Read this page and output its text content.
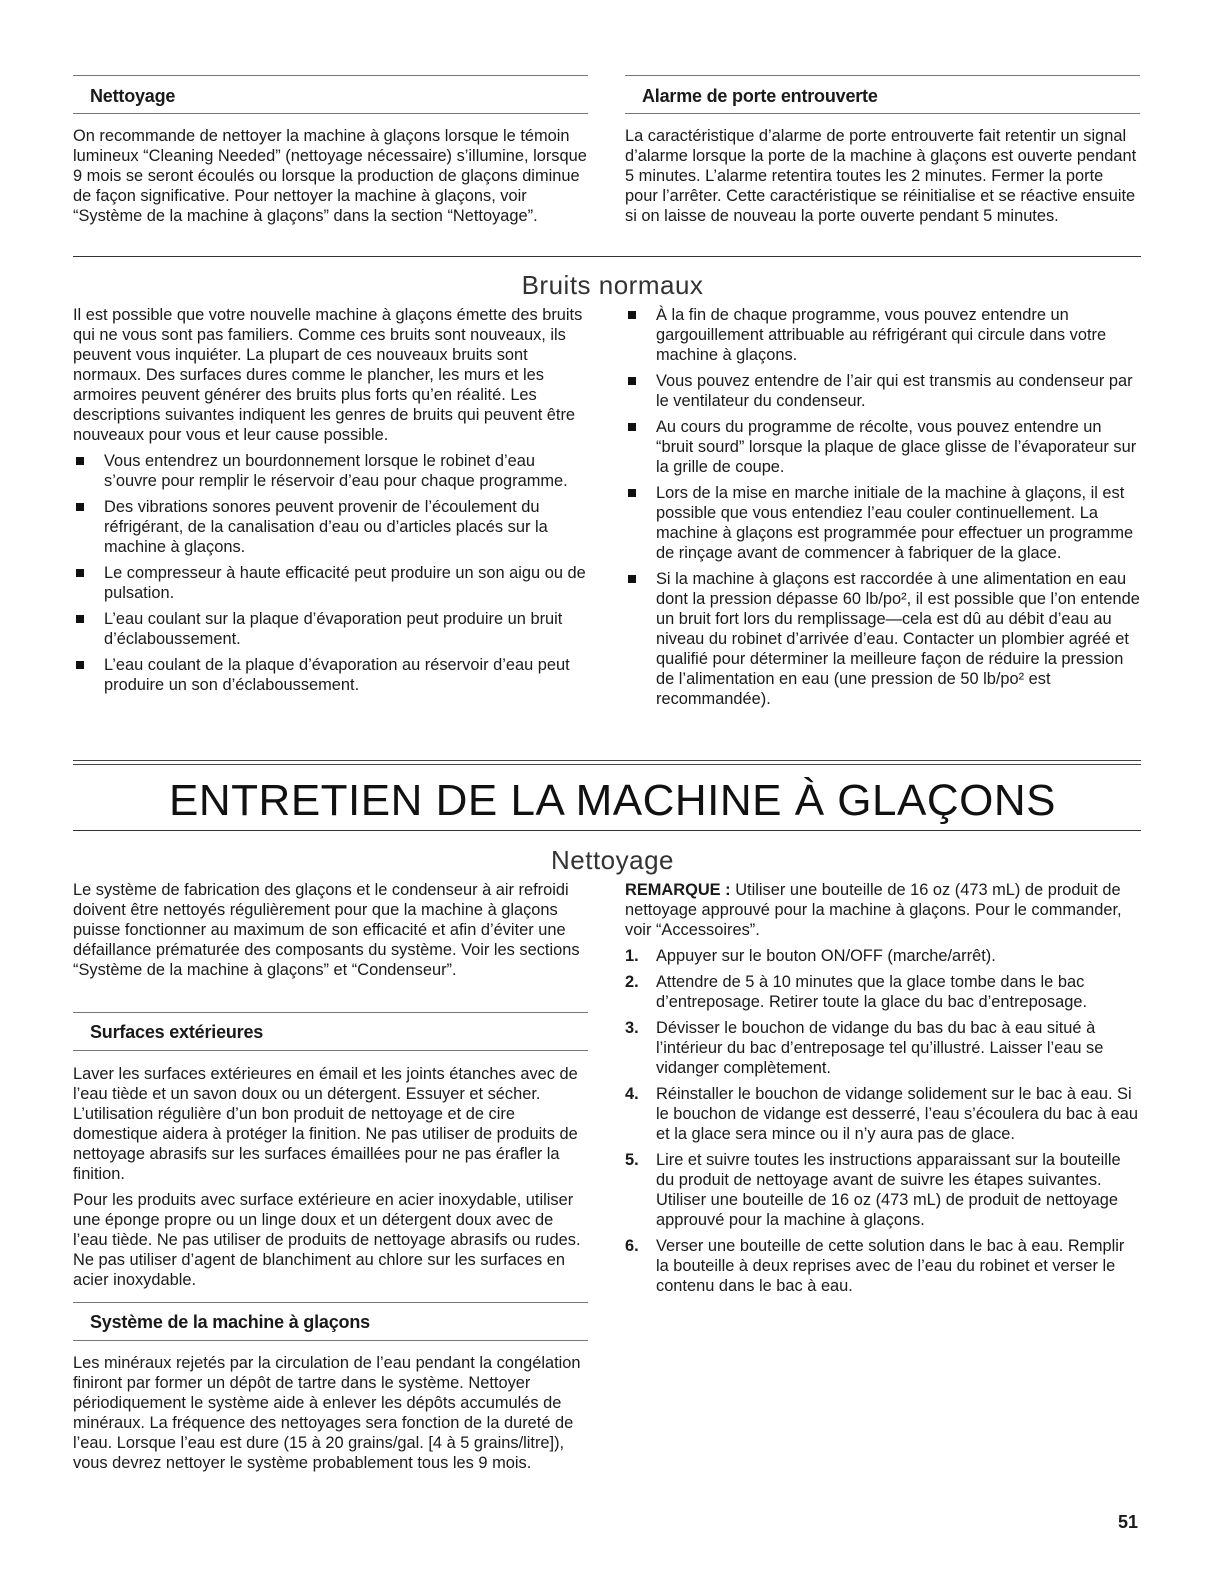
Nettoyage
On recommande de nettoyer la machine à glaçons lorsque le témoin lumineux “Cleaning Needed” (nettoyage nécessaire) s’illumine, lorsque 9 mois se seront écoulés ou lorsque la production de glaçons diminue de façon significative. Pour nettoyer la machine à glaçons, voir “Système de la machine à glaçons” dans la section “Nettoyage”.
Alarme de porte entrouverte
La caractéristique d’alarme de porte entrouverte fait retentir un signal d’alarme lorsque la porte de la machine à glaçons est ouverte pendant 5 minutes. L’alarme retentira toutes les 2 minutes. Fermer la porte pour l’arrêter. Cette caractéristique se réinitialise et se réactive ensuite si on laisse de nouveau la porte ouverte pendant 5 minutes.
Bruits normaux

Il est possible que votre nouvelle machine à glaçons émette des bruits qui ne vous sont pas familiers. Comme ces bruits sont nouveaux, ils peuvent vous inquiéter. La plupart de ces nouveaux bruits sont normaux. Des surfaces dures comme le plancher, les murs et les armoires peuvent générer des bruits plus forts qu’en réalité. Les descriptions suivantes indiquent les genres de bruits qui peuvent être nouveaux pour vous et leur cause possible.

Vous entendrez un bourdonnement lorsque le robinet d’eau s’ouvre pour remplir le réservoir d’eau pour chaque programme.
Des vibrations sonores peuvent provenir de l’écoulement du réfrigérant, de la canalisation d’eau ou d’articles placés sur la machine à glaçons.
Le compresseur à haute efficacité peut produire un son aigu ou de pulsation.
L’eau coulant sur la plaque d’évaporation peut produire un bruit d’éclaboussement.
L’eau coulant de la plaque d’évaporation au réservoir d’eau peut produire un son d’éclaboussement.
À la fin de chaque programme, vous pouvez entendre un gargouillement attribuable au réfrigérant qui circule dans votre machine à glaçons.
Vous pouvez entendre de l’air qui est transmis au condenseur par le ventilateur du condenseur.
Au cours du programme de récolte, vous pouvez entendre un “bruit sourd” lorsque la plaque de glace glisse de l’évaporateur sur la grille de coupe.
Lors de la mise en marche initiale de la machine à glaçons, il est possible que vous entendiez l’eau couler continuellement. La machine à glaçons est programmée pour effectuer un programme de rinçage avant de commencer à fabriquer de la glace.
Si la machine à glaçons est raccordée à une alimentation en eau dont la pression dépasse 60 lb/po², il est possible que l’on entende un bruit fort lors du remplissage—cela est dû au débit d’eau au niveau du robinet d’arrivée d’eau. Contacter un plombier agréé et qualifié pour déterminer la meilleure façon de réduire la pression de l’alimentation en eau (une pression de 50 lb/po² est recommandée).
ENTRETIEN DE LA MACHINE À GLAÇONS
Nettoyage
Le système de fabrication des glaçons et le condenseur à air refroidi doivent être nettoyés régulièrement pour que la machine à glaçons puisse fonctionner au maximum de son efficacité et afin d’éviter une défaillance prématurée des composants du système. Voir les sections “Système de la machine à glaçons” et “Condenseur”.
Surfaces extérieures

Laver les surfaces extérieures en émail et les joints étanches avec de l’eau tiède et un savon doux ou un détergent. Essuyer et sécher. L’utilisation régulière d’un bon produit de nettoyage et de cire domestique aidera à protéger la finition. Ne pas utiliser de produits de nettoyage abrasifs sur les surfaces émaillées pour ne pas érafler la finition.

Pour les produits avec surface extérieure en acier inoxydable, utiliser une éponge propre ou un linge doux et un détergent doux avec de l’eau tiède. Ne pas utiliser de produits de nettoyage abrasifs ou rudes. Ne pas utiliser d’agent de blanchiment au chlore sur les surfaces en acier inoxydable.

Système de la machine à glaçons
Les minéraux rejetés par la circulation de l’eau pendant la congélation finiront par former un dépôt de tartre dans le système. Nettoyer périodiquement le système aide à enlever les dépôts accumulés de minéraux. La fréquence des nettoyages sera fonction de la dureté de l’eau. Lorsque l’eau est dure (15 à 20 grains/gal. [4 à 5 grains/litre]), vous devrez nettoyer le système probablement tous les 9 mois.

REMARQUE : Utiliser une bouteille de 16 oz (473 mL) de produit de nettoyage approuvé pour la machine à glaçons. Pour le commander, voir “Accessoires”.

1. Appuyer sur le bouton ON/OFF (marche/arrêt).
2. Attendre de 5 à 10 minutes que la glace tombe dans le bac d’entreposage. Retirer toute la glace du bac d’entreposage.
3. Dévisser le bouchon de vidange du bas du bac à eau situé à l’intérieur du bac d’entreposage tel qu’illustré. Laisser l’eau se vidanger complètement.
4. Réinstaller le bouchon de vidange solidement sur le bac à eau. Si le bouchon de vidange est desserré, l’eau s’écoulera du bac à eau et la glace sera mince ou il n’y aura pas de glace.
5. Lire et suivre toutes les instructions apparaissant sur la bouteille du produit de nettoyage avant de suivre les étapes suivantes. Utiliser une bouteille de 16 oz (473 mL) de produit de nettoyage approuvé pour la machine à glaçons.
6. Verser une bouteille de cette solution dans le bac à eau. Remplir la bouteille à deux reprises avec de l’eau du robinet et verser le contenu dans le bac à eau.
51
